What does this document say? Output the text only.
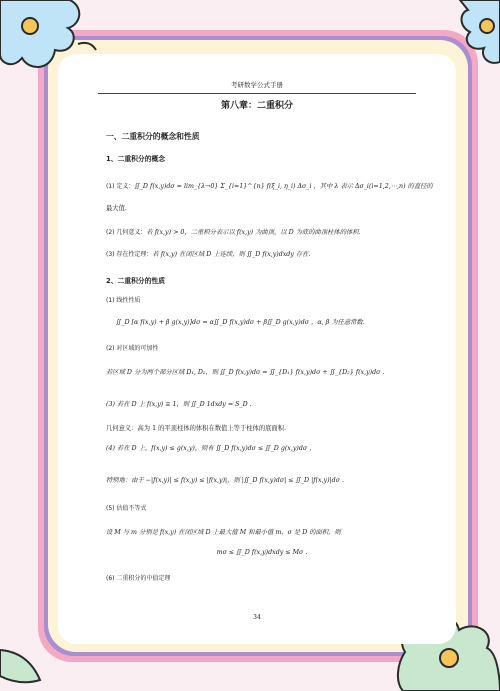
考研数学公式手册
第八章：二重积分
一、二重积分的概念和性质
1、二重积分的概念
(1) 定义：∬_D f(x,y)dσ = lim_{λ→0} Σ_{i=1}^{n} f(ξ_i, η_i) Δσ_i ，其中 λ 表示 Δσ_i(i=1,2,⋯,n) 的直径的
最大值.
(2) 几何意义：若 f(x,y) > 0，二重积分表示以 f(x,y) 为曲顶，以 D 为底的曲顶柱体的体积.
(3) 存在性定理：若 f(x,y) 在闭区域 D 上连续，则 ∬_D f(x,y)dxdy 存在.
2、二重积分的性质
(1) 线性性质
∬_D [α f(x,y) + β g(x,y)]dσ = α∬_D f(x,y)dσ + β∬_D g(x,y)dσ ，α, β 为任意常数.
(2) 对区域的可加性
若区域 D 分为两个部分区域 D₁, D₂，则 ∬_D f(x,y)dσ = ∬_{D₁} f(x,y)dσ + ∬_{D₂} f(x,y)dσ .
(3) 若在 D 上 f(x,y) ≡ 1，则 ∬_D 1dxdy = S_D .
几何意义：高为 1 的平顶柱体的体积在数值上等于柱体的底面积.
(4) 若在 D 上，f(x,y) ≤ g(x,y)，则有 ∬_D f(x,y)dσ ≤ ∬_D g(x,y)dσ ，
特别地：由于 −|f(x,y)| ≤ f(x,y) ≤ |f(x,y)|，则 |∬_D f(x,y)dσ| ≤ ∬_D |f(x,y)|dσ .
(5) 估值不等式
设 M 与 m 分别是 f(x,y) 在闭区域 D 上最大值 M 和最小值 m，σ 是 D 的面积，则
mσ ≤ ∬_D f(x,y)dxdy ≤ Mσ .
(6) 二重积分的中值定理
34
